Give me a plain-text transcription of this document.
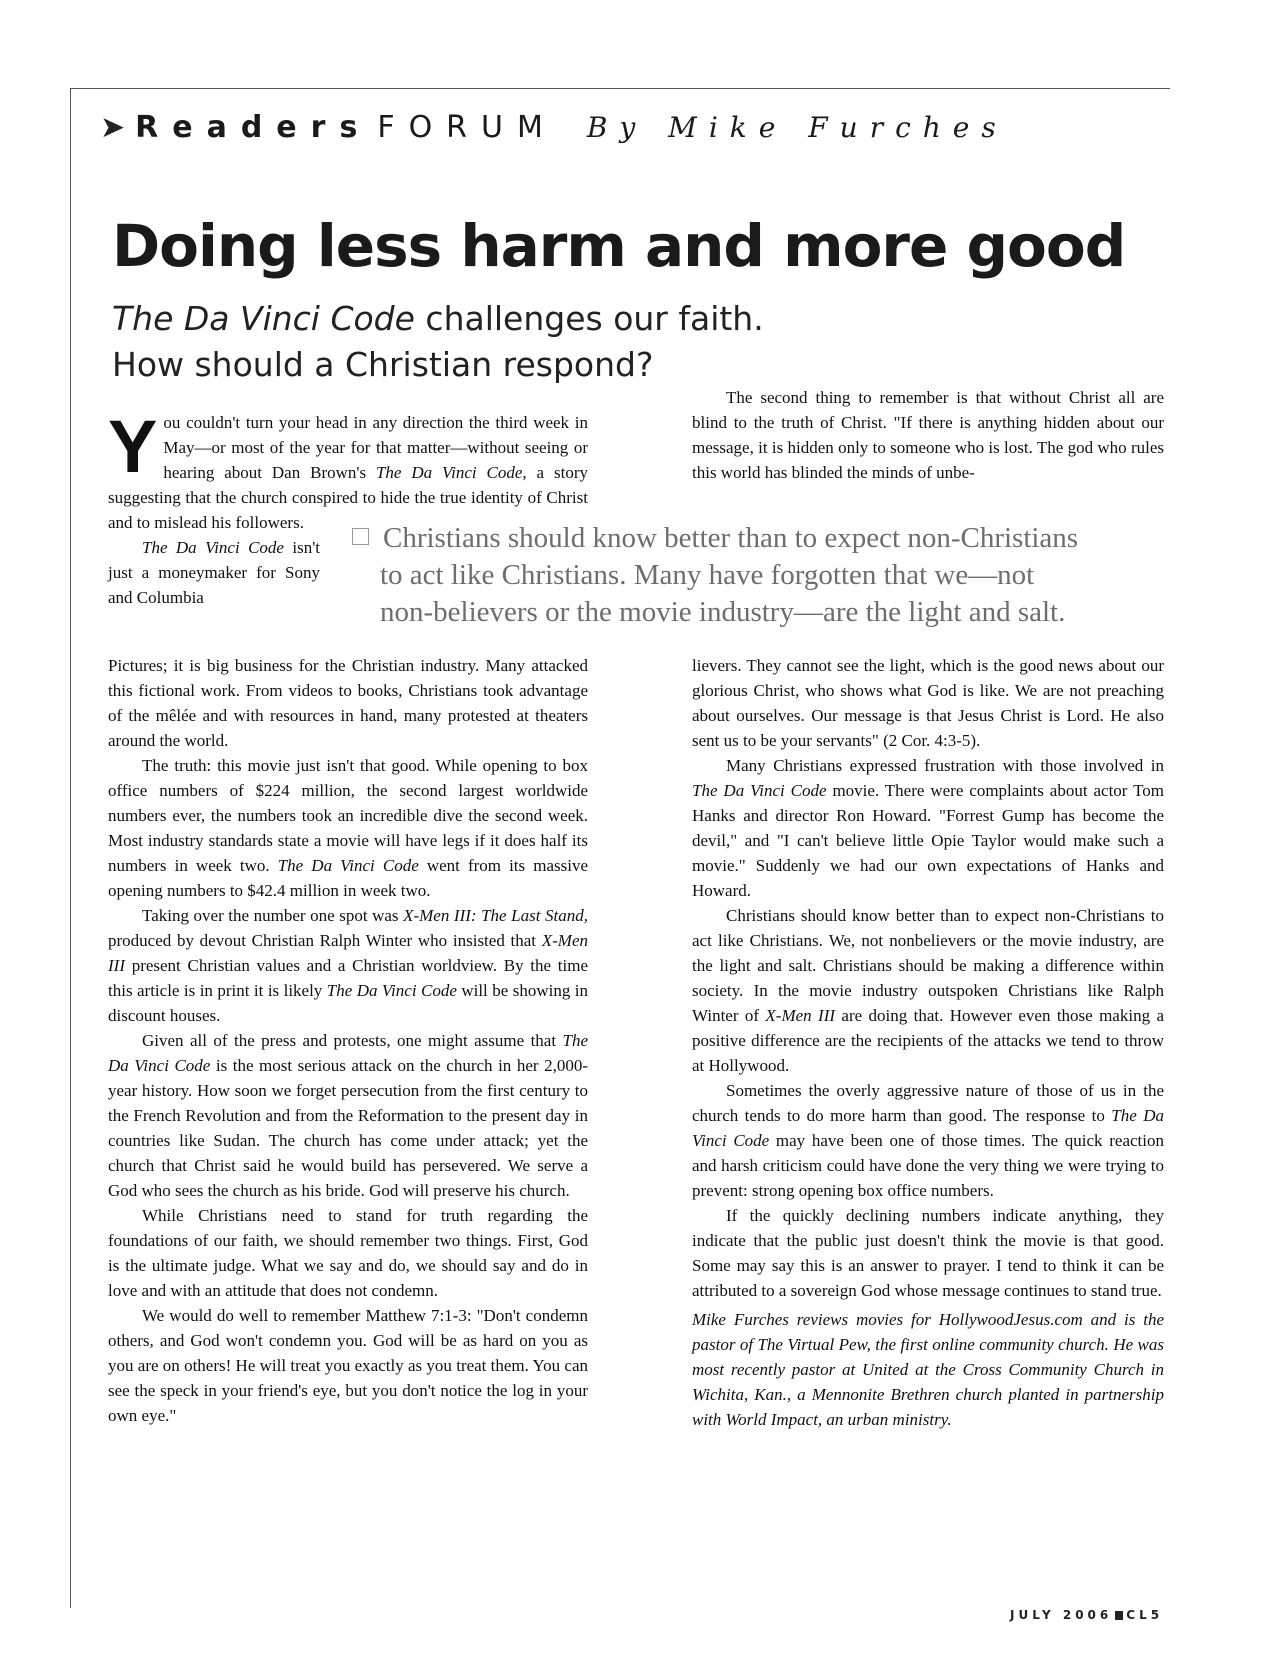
➤ Readers FORUM By Mike Furches
Doing less harm and more good
The Da Vinci Code challenges our faith.
How should a Christian respond?

You couldn't turn your head in any direction the third week in May—or most of the year for that matter—without seeing or hearing about Dan Brown's The Da Vinci Code, a story suggesting that the church conspired to hide the true identity of Christ and to mislead his followers.

The Da Vinci Code isn't just a moneymaker for Sony and Columbia

Pictures; it is big business for the Christian industry. Many attacked this fictional work. From videos to books, Christians took advantage of the mêlée and with resources in hand, many protested at theaters around the world.

The truth: this movie just isn't that good. While opening to box office numbers of $224 million, the second largest worldwide numbers ever, the numbers took an incredible dive the second week. Most industry standards state a movie will have legs if it does half its numbers in week two. The Da Vinci Code went from its massive opening numbers to $42.4 million in week two.

Taking over the number one spot was X-Men III: The Last Stand, produced by devout Christian Ralph Winter who insisted that X-Men III present Christian values and a Christian worldview. By the time this article is in print it is likely The Da Vinci Code will be showing in discount houses.

Given all of the press and protests, one might assume that The Da Vinci Code is the most serious attack on the church in her 2,000-year history. How soon we forget persecution from the first century to the French Revolution and from the Reformation to the present day in countries like Sudan. The church has come under attack; yet the church that Christ said he would build has persevered. We serve a God who sees the church as his bride. God will preserve his church.

While Christians need to stand for truth regarding the foundations of our faith, we should remember two things. First, God is the ultimate judge. What we say and do, we should say and do in love and with an attitude that does not condemn.

We would do well to remember Matthew 7:1-3: "Don't condemn others, and God won't condemn you. God will be as hard on you as you are on others! He will treat you exactly as you treat them. You can see the speck in your friend's eye, but you don't notice the log in your own eye."

Christians should know better than to expect non-Christians
to act like Christians. Many have forgotten that we—not
non-believers or the movie industry—are the light and salt.

The second thing to remember is that without Christ all are blind to the truth of Christ. "If there is anything hidden about our message, it is hidden only to someone who is lost. The god who rules this world has blinded the minds of unbe-

lievers. They cannot see the light, which is the good news about our glorious Christ, who shows what God is like. We are not preaching about ourselves. Our message is that Jesus Christ is Lord. He also sent us to be your servants" (2 Cor. 4:3-5).

Many Christians expressed frustration with those involved in The Da Vinci Code movie. There were complaints about actor Tom Hanks and director Ron Howard. "Forrest Gump has become the devil," and "I can't believe little Opie Taylor would make such a movie." Suddenly we had our own expectations of Hanks and Howard.

Christians should know better than to expect non-Christians to act like Christians. We, not nonbelievers or the movie industry, are the light and salt. Christians should be making a difference within society. In the movie industry outspoken Christians like Ralph Winter of X-Men III are doing that. However even those making a positive difference are the recipients of the attacks we tend to throw at Hollywood.

Sometimes the overly aggressive nature of those of us in the church tends to do more harm than good. The response to The Da Vinci Code may have been one of those times. The quick reaction and harsh criticism could have done the very thing we were trying to prevent: strong opening box office numbers.

If the quickly declining numbers indicate anything, they indicate that the public just doesn't think the movie is that good. Some may say this is an answer to prayer. I tend to think it can be attributed to a sovereign God whose message continues to stand true.

Mike Furches reviews movies for HollywoodJesus.com and is the pastor of The Virtual Pew, the first online community church. He was most recently pastor at United at the Cross Community Church in Wichita, Kan., a Mennonite Brethren church planted in partnership with World Impact, an urban ministry.

JULY 2006 CL5
